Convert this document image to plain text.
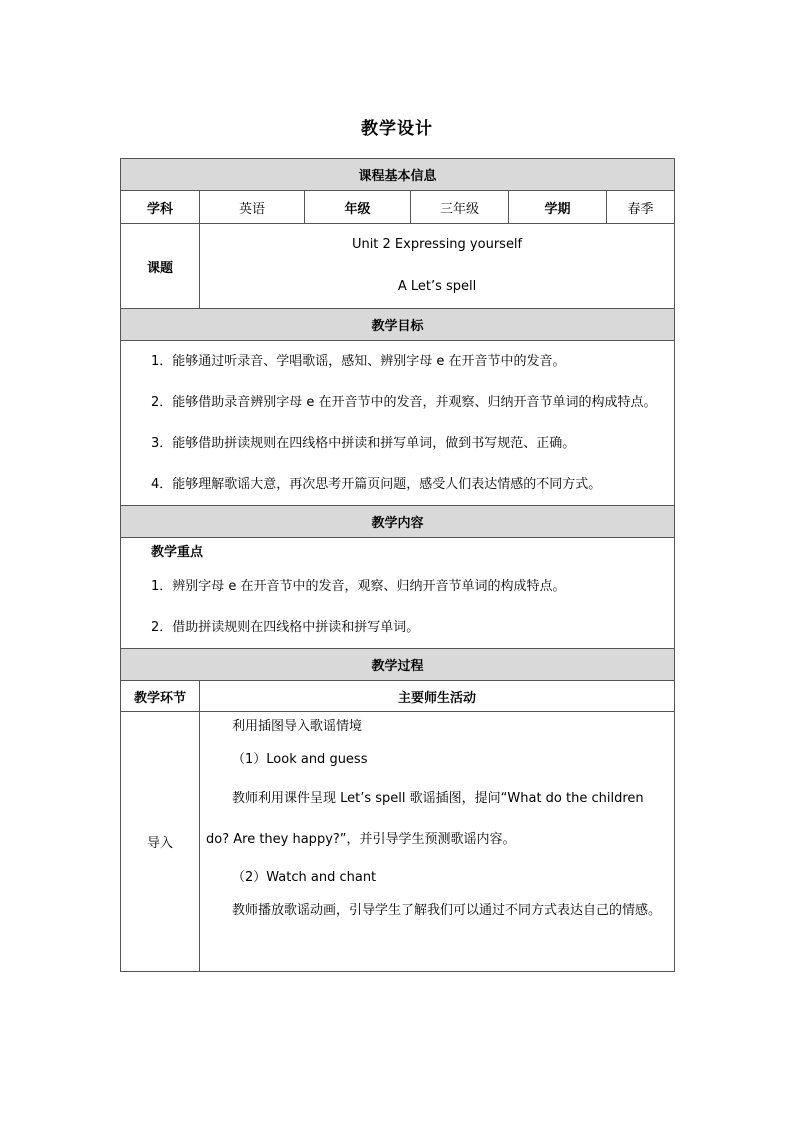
教学设计
课程基本信息					
学科	英语	年级	三年级	学期	春季
课题	Unit 2 Expressing yourself
A Let’s spell				

教学目标					

1．能够通过听录音、学唱歌谣，感知、辨别字母 e 在开音节中的发音。

2．能够借助录音辨别字母 e 在开音节中的发音，并观察、归纳开音节单词的构成特点。

3．能够借助拼读规则在四线格中拼读和拼写单词，做到书写规范、正确。

4．能够理解歌谣大意，再次思考开篇页问题，感受人们表达情感的不同方式。					

教学内容					

教学重点

1．辨别字母 e 在开音节中的发音，观察、归纳开音节单词的构成特点。

2．借助拼读规则在四线格中拼读和拼写单词。					

教学过程					
教学环节	主要师生活动				
导入	利用插图导入歌谣情境

（1）Look and guess

教师利用课件呈现 Let’s spell 歌谣插图，提问“What do the children do? Are they happy?”，并引导学生预测歌谣内容。

（2）Watch and chant

教师播放歌谣动画，引导学生了解我们可以通过不同方式表达自己的情感。				
